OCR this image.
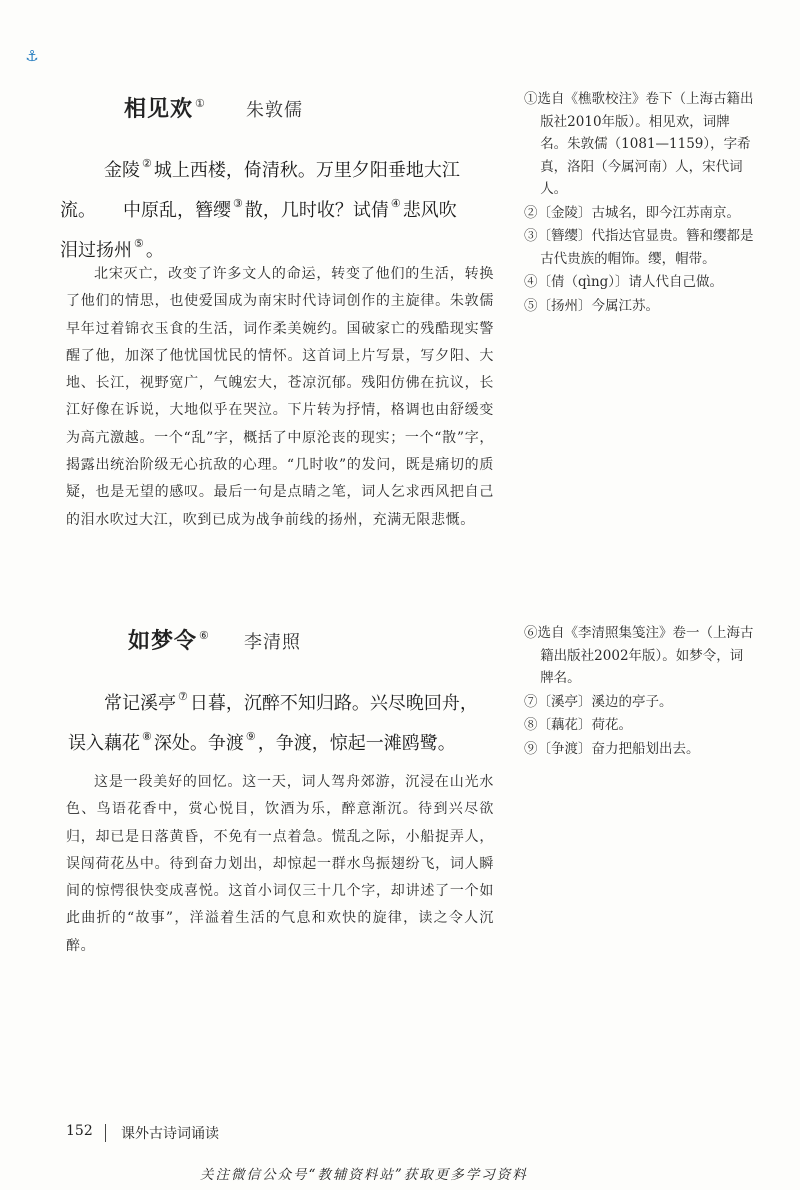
⚓
相见欢 ① 朱敦儒
金陵 ② 城上西楼，倚清秋。万里夕阳垂地大江
流。　　中原乱，簪缨 ③ 散，几时收？试倩 ④ 悲风吹
泪过扬州 ⑤ 。

北宋灭亡，改变了许多文人的命运，转变了他们的生活，转换了他们的情思，也使爱国成为南宋时代诗词创作的主旋律。朱敦儒早年过着锦衣玉食的生活，词作柔美婉约。国破家亡的残酷现实警醒了他，加深了他忧国忧民的情怀。这首词上片写景，写夕阳、大地、长江，视野宽广，气魄宏大，苍凉沉郁。残阳仿佛在抗议，长江好像在诉说，大地似乎在哭泣。下片转为抒情，格调也由舒缓变为高亢激越。一个“乱”字，概括了中原沦丧的现实；一个“散”字，揭露出统治阶级无心抗敌的心理。“几时收”的发问，既是痛切的质疑，也是无望的感叹。最后一句是点睛之笔，词人乞求西风把自己的泪水吹过大江，吹到已成为战争前线的扬州，充满无限悲慨。

①选自《樵歌校注》卷下（上海古籍出版社2010年版）。相见欢，词牌名。朱敦儒（1081—1159），字希真，洛阳（今属河南）人，宋代词人。
②〔金陵〕古城名，即今江苏南京。
③〔簪缨〕代指达官显贵。簪和缨都是古代贵族的帽饰。缨，帽带。
④〔倩（qìng）〕请人代自己做。
⑤〔扬州〕今属江苏。
如梦令 ⑥ 李清照
常记溪亭 ⑦ 日暮，沉醉不知归路。兴尽晚回舟，
误入藕花 ⑧ 深处。争渡 ⑨ ，争渡，惊起一滩鸥鹭。

这是一段美好的回忆。这一天，词人驾舟郊游，沉浸在山光水色、鸟语花香中，赏心悦目，饮酒为乐，醉意渐沉。待到兴尽欲归，却已是日落黄昏，不免有一点着急。慌乱之际，小船捉弄人，误闯荷花丛中。待到奋力划出，却惊起一群水鸟振翅纷飞，词人瞬间的惊愕很快变成喜悦。这首小词仅三十几个字，却讲述了一个如此曲折的“故事”，洋溢着生活的气息和欢快的旋律，读之令人沉醉。

⑥选自《李清照集笺注》卷一（上海古籍出版社2002年版）。如梦令，词牌名。
⑦〔溪亭〕溪边的亭子。
⑧〔藕花〕荷花。
⑨〔争渡〕奋力把船划出去。
152 课外古诗词诵读
关注微信公众号“教辅资料站”获取更多学习资料
